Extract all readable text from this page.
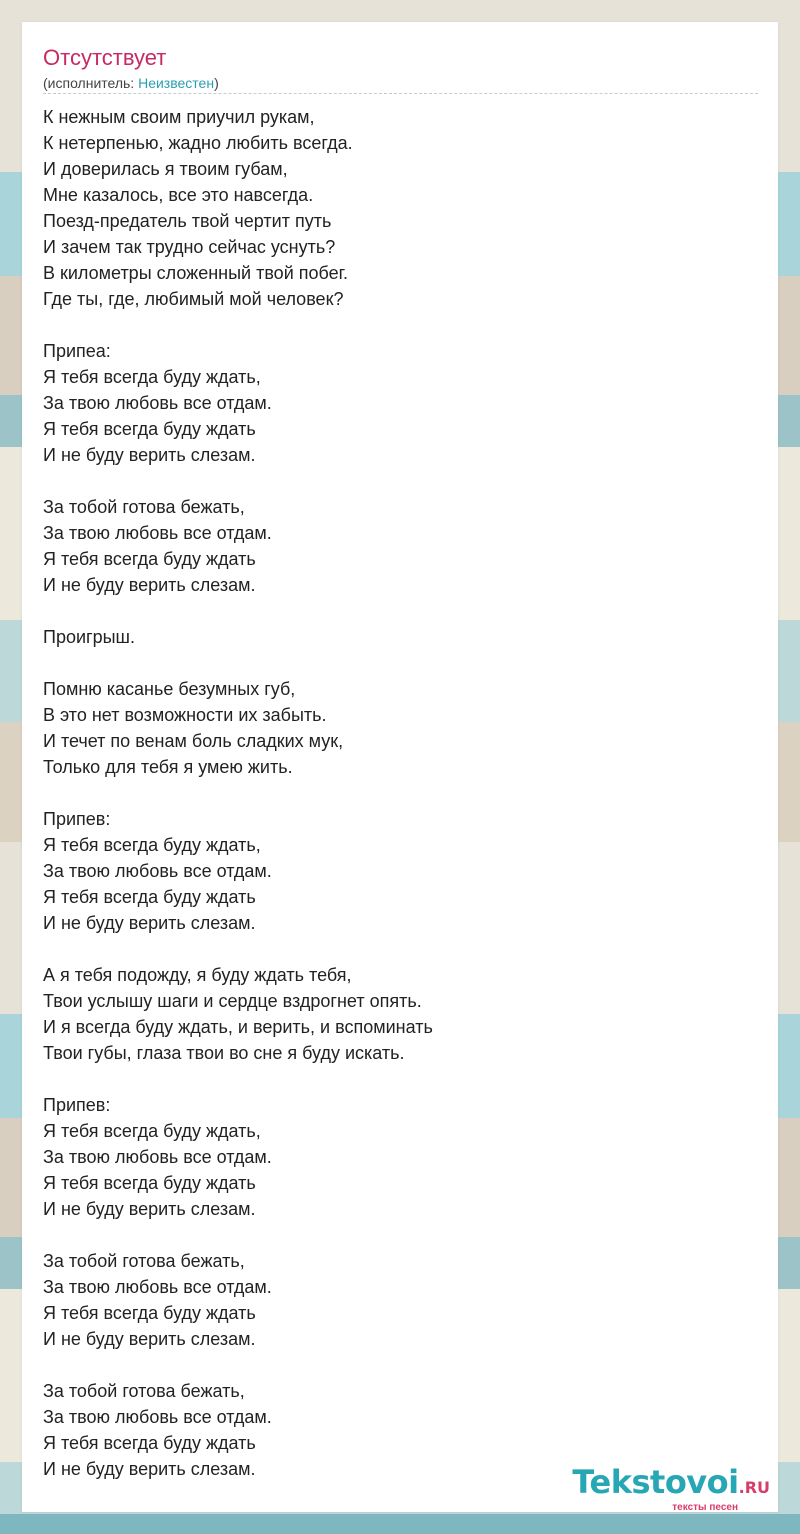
Отсутствует
(исполнитель: Неизвестен)
К нежным своим приучил рукам,
К нетерпенью, жадно любить всегда.
И доверилась я твоим губам,
Мне казалось, все это навсегда.
Поезд-предатель твой чертит путь
И зачем так трудно сейчас уснуть?
В километры сложенный твой побег.
Где ты, где, любимый мой человек?
Припеа:
Я тебя всегда буду ждать,
За твою любовь все отдам.
Я тебя всегда буду ждать
И не буду верить слезам.
За тобой готова бежать,
За твою любовь все отдам.
Я тебя всегда буду ждать
И не буду верить слезам.
Проигрыш.
Помню касанье безумных губ,
В это нет возможности их забыть.
И течет по венам боль сладких мук,
Только для тебя я умею жить.
Припев:
Я тебя всегда буду ждать,
За твою любовь все отдам.
Я тебя всегда буду ждать
И не буду верить слезам.
А я тебя подожду, я буду ждать тебя,
Твои услышу шаги и сердце вздрогнет опять.
И я всегда буду ждать, и верить, и вспоминать
Твои губы, глаза твои во сне я буду искать.
Припев:
Я тебя всегда буду ждать,
За твою любовь все отдам.
Я тебя всегда буду ждать
И не буду верить слезам.
За тобой готова бежать,
За твою любовь все отдам.
Я тебя всегда буду ждать
И не буду верить слезам.
За тобой готова бежать,
За твою любовь все отдам.
Я тебя всегда буду ждать
И не буду верить слезам.	Tekstovoi.RU
тексты песен
